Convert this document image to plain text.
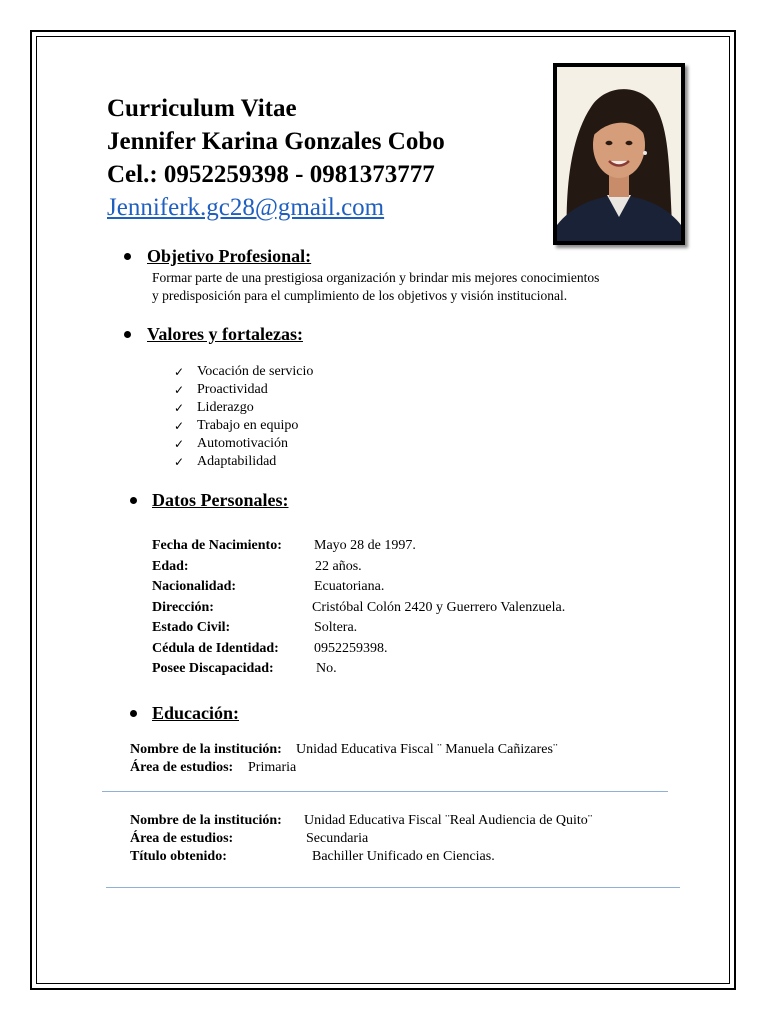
Curriculum Vitae
Jennifer Karina Gonzales Cobo
Cel.: 0952259398 - 0981373777
Jenniferk.gc28@gmail.com
Objetivo Profesional:
Formar parte de una prestigiosa organización y brindar mis mejores conocimientos
y predisposición para el cumplimiento de los objetivos y visión institucional.
Valores y fortalezas:
✓ Vocación de servicio
✓ Proactividad
✓ Liderazgo
✓ Trabajo en equipo
✓ Automotivación
✓ Adaptabilidad
Datos Personales:
Fecha de Nacimiento: Mayo 28 de 1997.
Edad:	22 años.
Nacionalidad:	Ecuatoriana.
Dirección:	Cristóbal Colón 2420 y Guerrero Valenzuela.
Estado Civil:	Soltera.
Cédula de Identidad:	0952259398.
Posee Discapacidad:	No.
Educación:
Nombre de la institución: Unidad Educativa Fiscal ¨ Manuela Cañizares¨
Área de estudios: Primaria
Nombre de la institución: Unidad Educativa Fiscal ¨Real Audiencia de Quito¨
Área de estudios:	Secundaria
Título obtenido:	Bachiller Unificado en Ciencias.
